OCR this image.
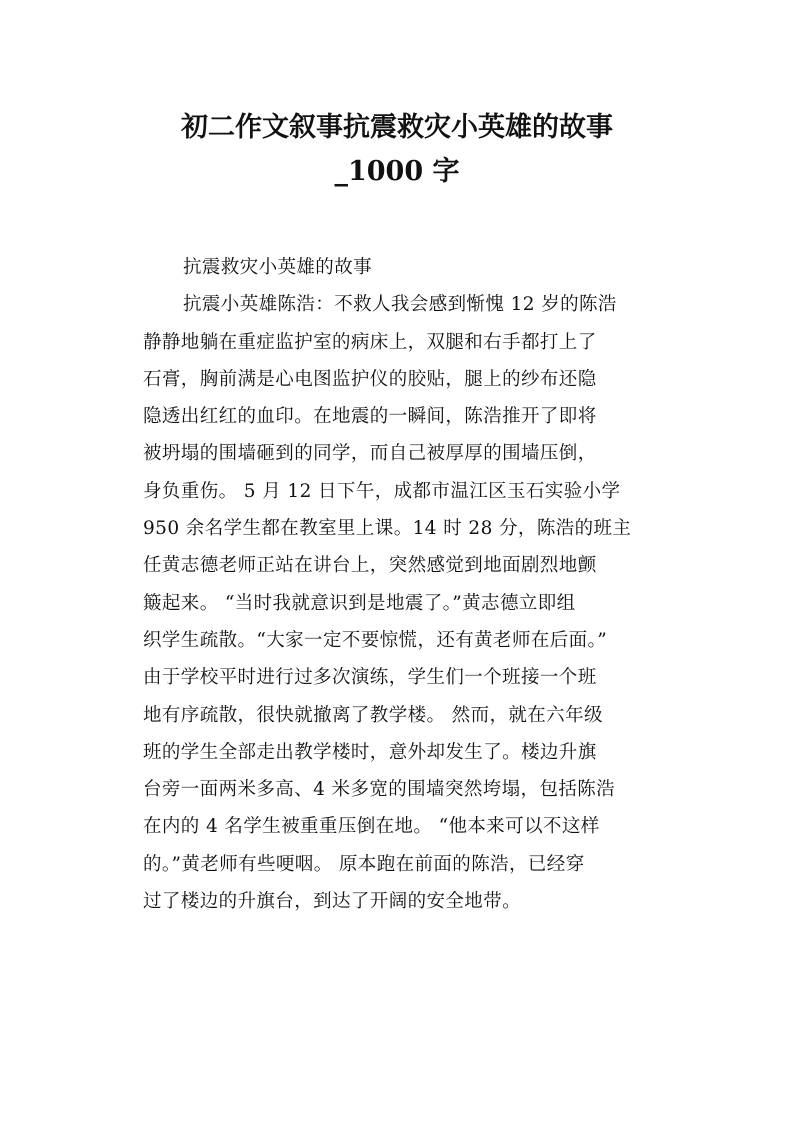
初二作文叙事抗震救灾小英雄的故事
_1000 字
抗震救灾小英雄的故事
抗震小英雄陈浩：不救人我会感到惭愧 12 岁的陈浩
静静地躺在重症监护室的病床上，双腿和右手都打上了
石膏，胸前满是心电图监护仪的胶贴，腿上的纱布还隐
隐透出红红的血印。在地震的一瞬间，陈浩推开了即将
被坍塌的围墙砸到的同学，而自己被厚厚的围墙压倒，
身负重伤。 5 月 12 日下午，成都市温江区玉石实验小学
950 余名学生都在教室里上课。14 时 28 分，陈浩的班主
任黄志德老师正站在讲台上，突然感觉到地面剧烈地颤
簸起来。 “当时我就意识到是地震了。”黄志德立即组
织学生疏散。“大家一定不要惊慌，还有黄老师在后面。”
由于学校平时进行过多次演练，学生们一个班接一个班
地有序疏散，很快就撤离了教学楼。 然而，就在六年级
班的学生全部走出教学楼时，意外却发生了。楼边升旗
台旁一面两米多高、4 米多宽的围墙突然垮塌，包括陈浩
在内的 4 名学生被重重压倒在地。 “他本来可以不这样
的。”黄老师有些哽咽。 原本跑在前面的陈浩，已经穿
过了楼边的升旗台，到达了开阔的安全地带。
